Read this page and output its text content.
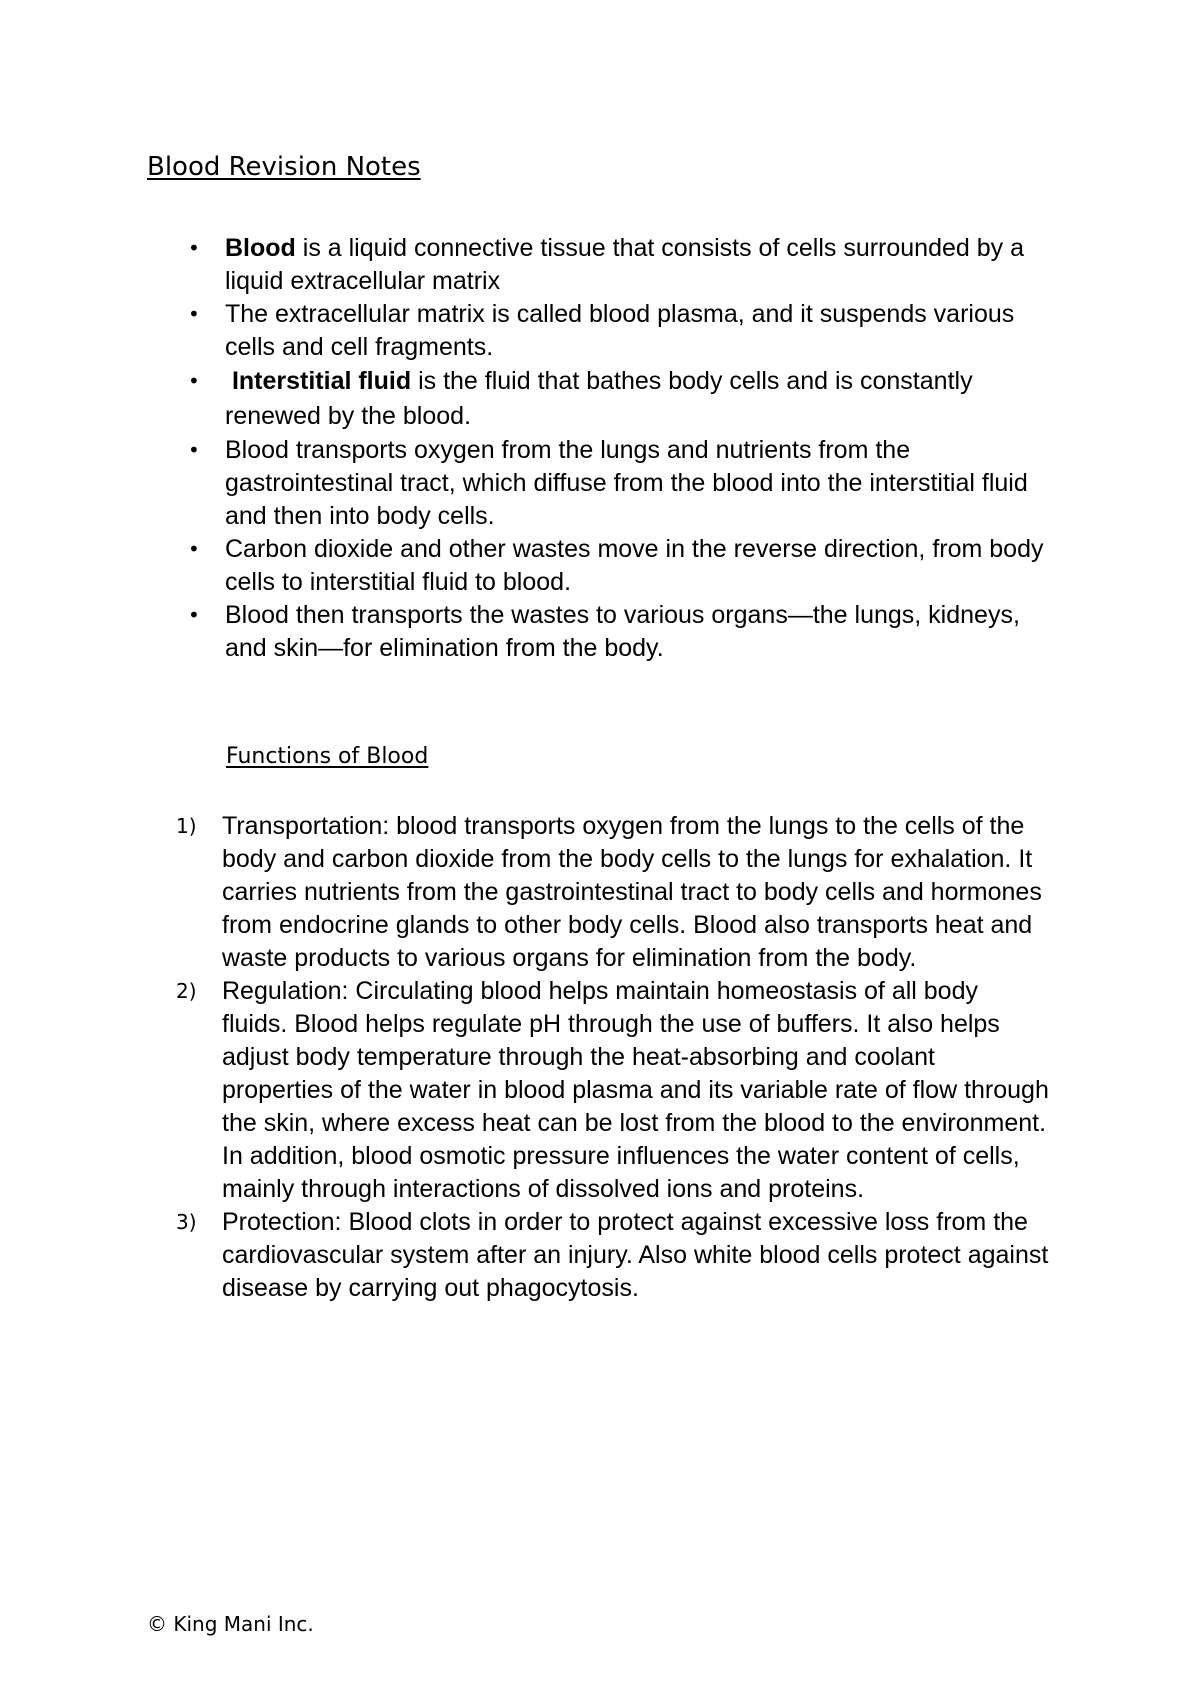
Blood Revision Notes
• Blood is a liquid connective tissue that consists of cells surrounded by a liquid extracellular matrix
• The extracellular matrix is called blood plasma, and it suspends various cells and cell fragments.
• Interstitial fluid is the fluid that bathes body cells and is constantly renewed by the blood.
• Blood transports oxygen from the lungs and nutrients from the gastrointestinal tract, which diffuse from the blood into the interstitial fluid and then into body cells.
• Carbon dioxide and other wastes move in the reverse direction, from body cells to interstitial fluid to blood.
• Blood then transports the wastes to various organs—the lungs, kidneys, and skin—for elimination from the body.
Functions of Blood
1) Transportation: blood transports oxygen from the lungs to the cells of the body and carbon dioxide from the body cells to the lungs for exhalation. It carries nutrients from the gastrointestinal tract to body cells and hormones from endocrine glands to other body cells. Blood also transports heat and waste products to various organs for elimination from the body.
2) Regulation: Circulating blood helps maintain homeostasis of all body fluids. Blood helps regulate pH through the use of buffers. It also helps adjust body temperature through the heat-absorbing and coolant properties of the water in blood plasma and its variable rate of flow through the skin, where excess heat can be lost from the blood to the environment. In addition, blood osmotic pressure influences the water content of cells, mainly through interactions of dissolved ions and proteins.
3) Protection: Blood clots in order to protect against excessive loss from the cardiovascular system after an injury. Also white blood cells protect against disease by carrying out phagocytosis.
© King Mani Inc.
